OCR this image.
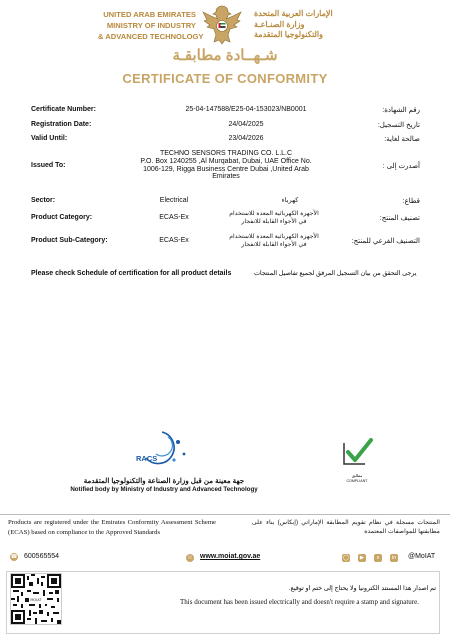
UNITED ARAB EMIRATES
MINISTRY OF INDUSTRY
& ADVANCED TECHNOLOGY
الإمارات العربية المتحدة
وزارة الصنـاعـة
والتكنولوجيا المتقدمة
شـهــادة مطابقـة
CERTIFICATE OF CONFORMITY
Certificate Number:	25-04-147588/E25-04-153023/NB0001	رقم الشهادة:
Registration Date:	24/04/2025	تاريخ التسجيل:
Valid Until:	23/04/2026	صالحة لغاية:
Issued To:
TECHNO SENSORS TRADING CO. L.L.C
P.O. Box 1240255 ,Al Murqabat, Dubai, UAE Office No.
1006-129, Rigga Business Centre Dubai ,United Arab
Emirates
أصدرت إلى :
Sector:	Electrical	كهرباء	قطاع:
Product Category:	ECAS-Ex
الأجهزة الكهربائية المعدة للاستخدام
في الأجواء القابلة للانفجار	تصنيف المنتج:
Product Sub-Category:	ECAS-Ex
الأجهزة الكهربائية المعدة للاستخدام
في الأجواء القابلة للانفجار	التصنيف الفرعي للمنتج:
Please check Schedule of certification for all product details	يرجى التحقق من بيان التسجيل المرفق لجميع تفاصيل المنتجات
RACS
جهة معينة من قبل وزارة الصناعة والتكنولوجيا المتقدمة
Notified body by Ministry of Industry and Advanced Technology
مطابق
COMPLIANT
Products are registered under the Emirates Conformity Assessment Scheme (ECAS) based on compliance to the Approved Standards
المنتجات مسجلة في نظام تقويم المطابقة الإماراتي (إيكاس) بناء على مطابقتها للمواصفات المعتمدة
☎ 600565554	☉ www.moiat.gov.ae	◯	▶	x	in @MoIAT
MOIAT
تم اصدار هذا المستند الكترونيا ولا يحتاج إلى ختم او توقيع.
This document has been issued electrically and doesn't require a stamp and signature.
